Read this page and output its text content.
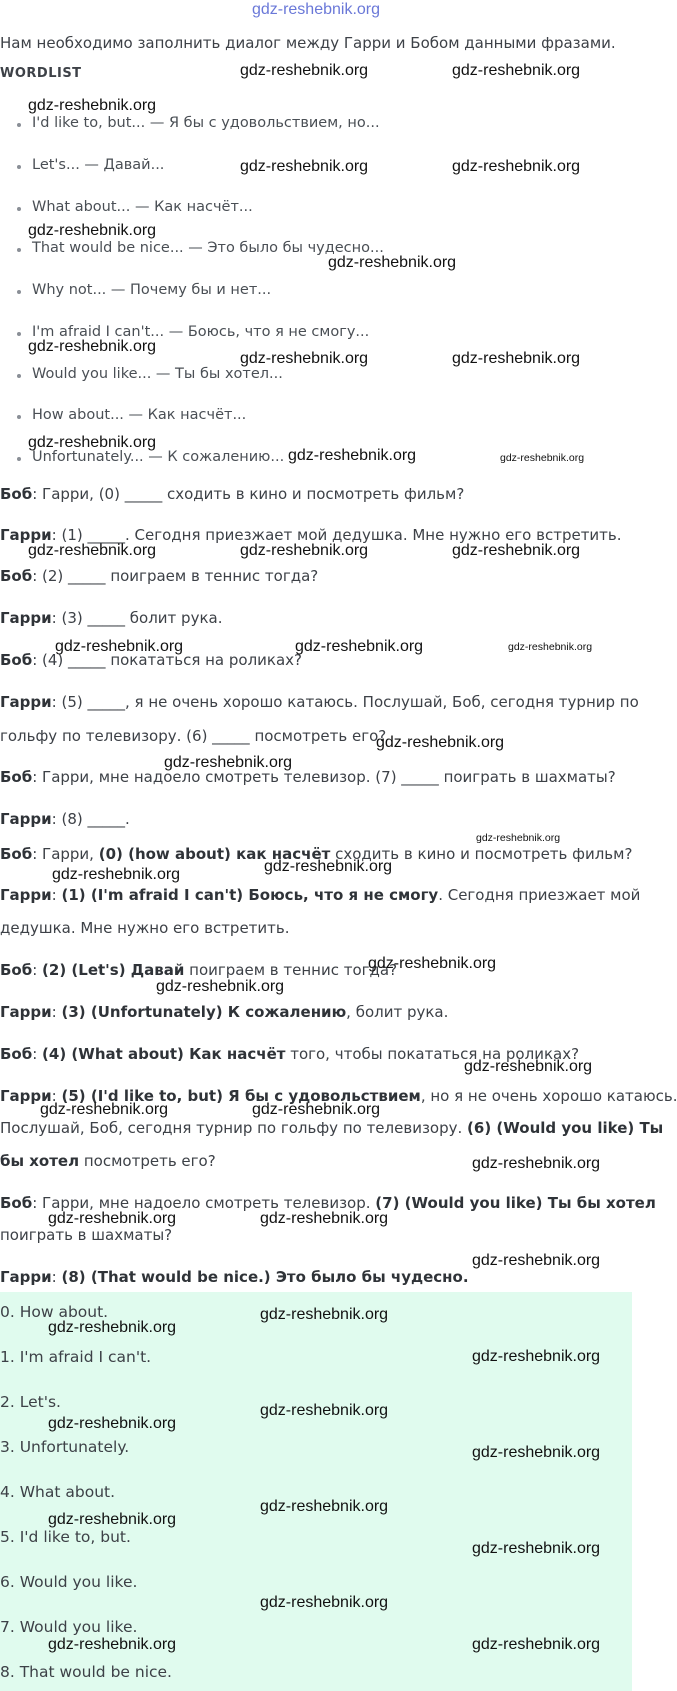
gdz-reshebnik.org
Нам необходимо заполнить диалог между Гарри и Бобом данными фразами.
WORDLIST
I'd like to, but... — Я бы с удовольствием, но...
Let's... — Давай...
What about... — Как насчёт...
That would be nice... — Это было бы чудесно...
Why not... — Почему бы и нет...
I'm afraid I can't... — Боюсь, что я не смогу...
Would you like... — Ты бы хотел...
How about... — Как насчёт...
Unfortunately... — К сожалению...
Боб: Гарри, (0) _____ сходить в кино и посмотреть фильм?
Гарри: (1) _____. Сегодня приезжает мой дедушка. Мне нужно его встретить.
Боб: (2) _____ поиграем в теннис тогда?
Гарри: (3) _____ болит рука.
Боб: (4) _____ покататься на роликах?
Гарри: (5) _____, я не очень хорошо катаюсь. Послушай, Боб, сегодня турнир по
гольфу по телевизору. (6) _____ посмотреть его?
Боб: Гарри, мне надоело смотреть телевизор. (7) _____ поиграть в шахматы?
Гарри: (8) _____.
Боб: Гарри, (0) (how about) как насчёт сходить в кино и посмотреть фильм?
Гарри: (1) (I'm afraid I can't) Боюсь, что я не смогу. Сегодня приезжает мой
дедушка. Мне нужно его встретить.
Боб: (2) (Let's) Давай поиграем в теннис тогда?
Гарри: (3) (Unfortunately) К сожалению, болит рука.
Боб: (4) (What about) Как насчёт того, чтобы покататься на роликах?
Гарри: (5) (I'd like to, but) Я бы с удовольствием, но я не очень хорошо катаюсь.
Послушай, Боб, сегодня турнир по гольфу по телевизору. (6) (Would you like) Ты
бы хотел посмотреть его?
Боб: Гарри, мне надоело смотреть телевизор. (7) (Would you like) Ты бы хотел
поиграть в шахматы?
Гарри: (8) (That would be nice.) Это было бы чудесно.
0. How about.
1. I'm afraid I can't.
2. Let's.
3. Unfortunately.
4. What about.
5. I'd like to, but.
6. Would you like.
7. Would you like.
8. That would be nice.
gdz-reshebnik.org	gdz-reshebnik.org
gdz-reshebnik.org
gdz-reshebnik.org	gdz-reshebnik.org
gdz-reshebnik.org
gdz-reshebnik.org
gdz-reshebnik.org
gdz-reshebnik.org	gdz-reshebnik.org
gdz-reshebnik.org
gdz-reshebnik.org	gdz-reshebnik.org
gdz-reshebnik.org	gdz-reshebnik.org	gdz-reshebnik.org
gdz-reshebnik.org	gdz-reshebnik.org	gdz-reshebnik.org
gdz-reshebnik.org
gdz-reshebnik.org
gdz-reshebnik.org
gdz-reshebnik.org
gdz-reshebnik.org
gdz-reshebnik.org
gdz-reshebnik.org
gdz-reshebnik.org
gdz-reshebnik.org	gdz-reshebnik.org
gdz-reshebnik.org
gdz-reshebnik.org	gdz-reshebnik.org
gdz-reshebnik.org
gdz-reshebnik.org
gdz-reshebnik.org
gdz-reshebnik.org
gdz-reshebnik.org
gdz-reshebnik.org
gdz-reshebnik.org
gdz-reshebnik.org
gdz-reshebnik.org
gdz-reshebnik.org
gdz-reshebnik.org
gdz-reshebnik.org	gdz-reshebnik.org
